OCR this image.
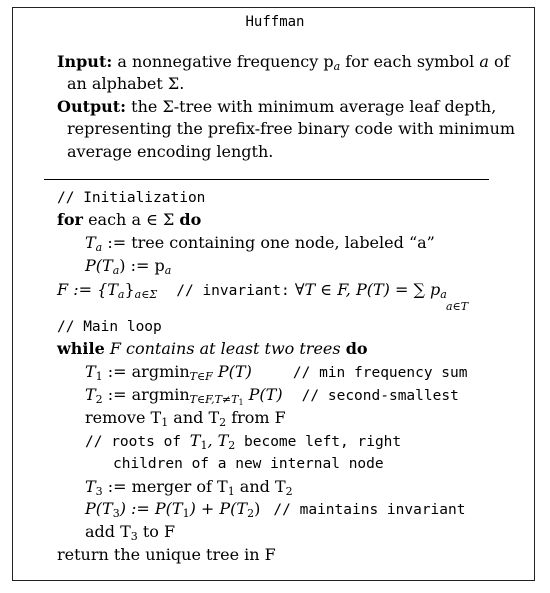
Huffman
Input: a nonnegative frequency $p_a$ for each symbol a of
an alphabet Σ.
Output: the Σ-tree with minimum average leaf depth,
representing the prefix-free binary code with minimum
average encoding length.
// Initialization
for each a ∈ Σ do
$T_a$ := tree containing one node, labeled “a”
$P(T_a)$ := $p_a$
F := $\{T_a\}_{a\in\Sigma}$ // invariant: ∀T ∈ F, P(T) = ∑ $p_a$
a∈T
// Main loop
while F contains at least two trees do
$T_1$ := argmin$_{T\in F}$ P(T)	// min frequency sum
$T_2$ := argmin$_{T\in F,T\ne T1}$ P(T) // second-smallest
remove $T_1$ and $T_2$ from F
// roots of $T_1$, $T_2$ become left, right
children of a new internal node
$T_3$ := merger of $T_1$ and $T_2$
$P(T_3)$ := $P(T_1) + P(T_2)$ // maintains invariant
add $T_3$ to F
return the unique tree in F
